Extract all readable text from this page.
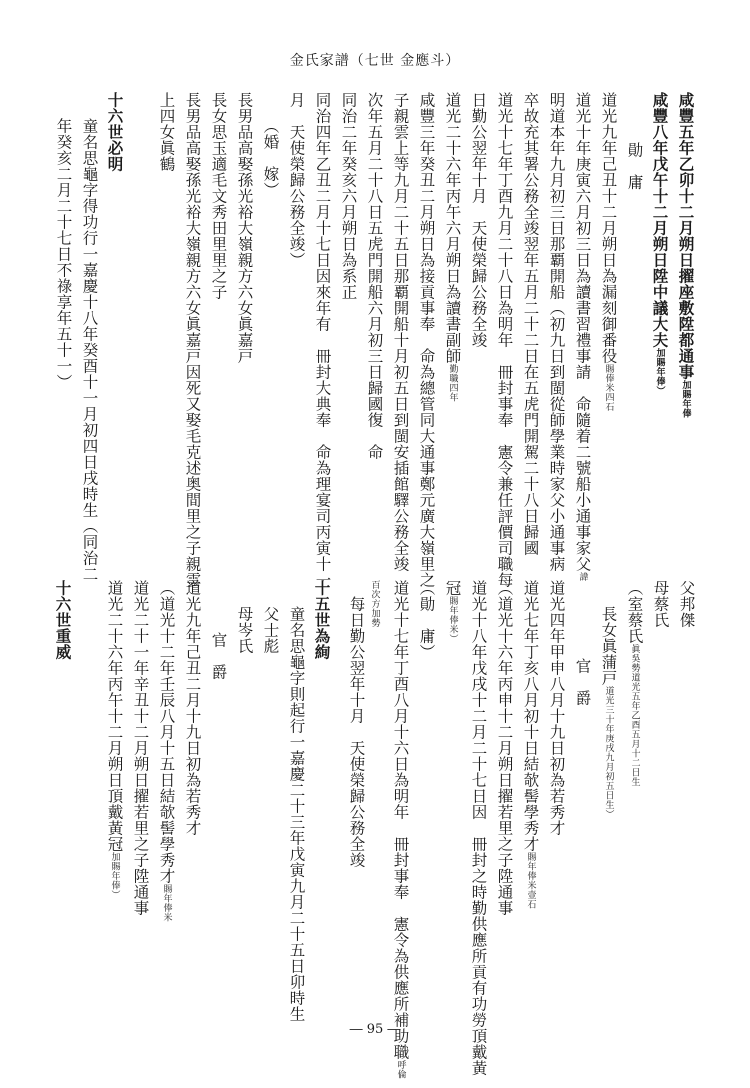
金氏家譜（七世 金應斗）
咸豐五年乙卯十二月朔日擢座敷陞都通事加賜年俸
咸豐八年戊午十二月朔日陞中議大夫加賜年俸）
勛　庸
道光九年己丑十二月朔日為漏刻御番役賜俸米四石
道光十年庚寅六月初三日為讀書習禮事請　命隨着二號船小通事家父諱
明道本年九月初三日那覇開船（初九日到閩從師學業時家父小通事病
卒故充其署公務全竣翌年五月二十二日在五虎門開駕二十八日歸國
道光十七年丁酉九月二十八日為明年　冊封事奉　憲令兼任評價司職每
日勤公翌年十月　天使榮歸公務全竣
道光二十六年丙午六月朔日為讀書副師勤職四年
咸豐三年癸丑二月朔日為接貢事奉　命為總管同大通事鄭元廣大嶺里之
子親雲上等九月二十五日那覇開船十月初五日到閩安插館驛公務全竣
次年五月二十八日五虎門開船六月初三日歸國復　命
同治二年癸亥六月朔日為系正
同治四年乙丑二月十七日因來年有　冊封大典奉　命為理宴司丙寅十一
月　天使榮歸公務全竣）
（婚　嫁）
長男品高娶孫光裕大嶺親方六女眞嘉戸
長女思玉適毛文秀田里里之子
長男品高娶孫光裕大嶺親方六女眞嘉戸因死又娶毛克述奥間里之子親雲
上四女眞鶴
十六世必明
童名思龜字得功行一嘉慶十八年癸酉十一月初四日戌時生（同治二
年癸亥二月二十七日不祿享年五十一）
父邦傑
母蔡氏
（室蔡氏眞吳勢道光五年乙酉五月十二日生
長女眞蒲戸道光三十年庚戌九月初五日生）
官　爵
道光四年甲申八月十九日初為若秀才
道光七年丁亥八月初十日結欹髻學秀才賜年俸米壹石
（道光十六年丙申十二月朔日擢若里之子陞通事
道光十八年戊戌十二月二十七日因　冊封之時勤供應所貢有功勞頂戴黃
冠賜年俸米）
（勛　庸）
道光十七年丁酉八月十六日為明年　冊封事奉　憲令為供應所補助職呼倫
百次方加勢
　每日勤公翌年十月　天使榮歸公務全竣
十五世為絢
童名思龜字則起行一嘉慶二十三年戊寅九月二十五日卯時生
父士彪
母岑氏
官　爵
道光九年己丑二月十九日初為若秀才
（道光十二年壬辰八月十五日結欹髻學秀才賜年俸米
道光二十一年辛丑十二月朔日擢若里之子陞通事
道光二十六年丙午十二月朔日頂戴黃冠加賜年俸）
十六世重威
― 95 ―
